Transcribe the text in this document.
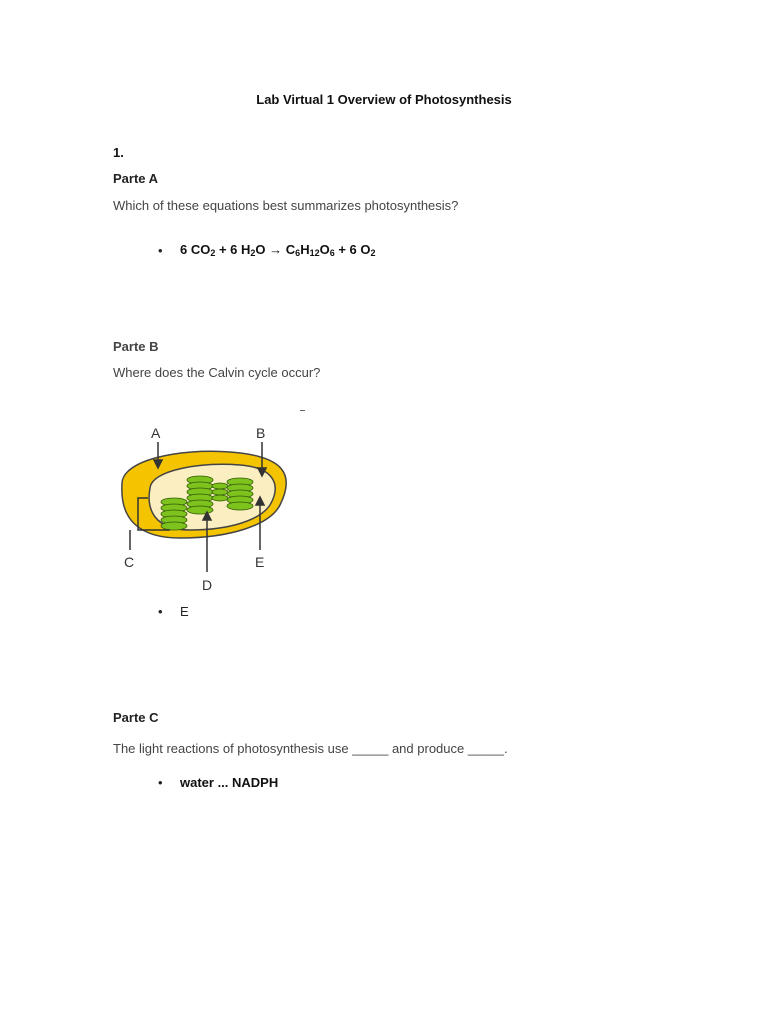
Lab Virtual 1 Overview of Photosynthesis
1.
Parte A
Which of these equations best summarizes photosynthesis?
•	6 $CO_2 + 6$ $H_2O \to C_6H_{12}O_6 + 6$ $O_2$
Parte B
Where does the Calvin cycle occur?
A	B
C
D
E
•	E
Parte C
The light reactions of photosynthesis use _____ and produce _____.
•	water ... NADPH
